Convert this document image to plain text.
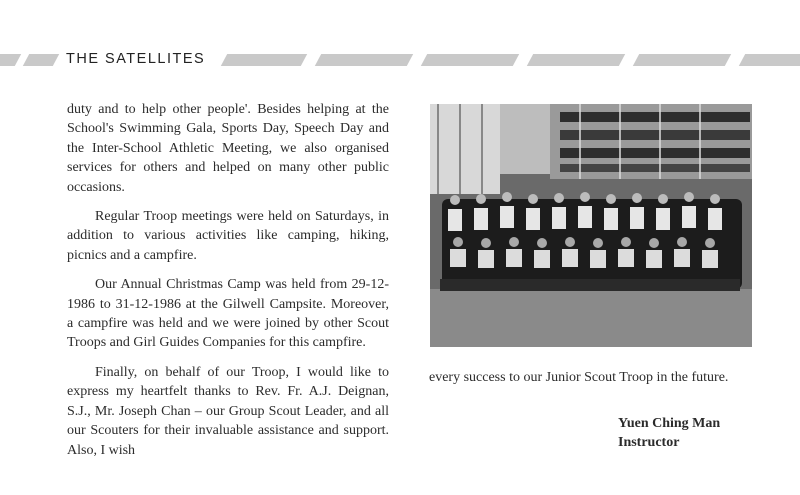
THE SATELLITES

duty and to help other people'. Besides helping at the School's Swimming Gala, Sports Day, Speech Day and the Inter-School Athletic Meeting, we also organised services for others and helped on many other public occasions.

Regular Troop meetings were held on Saturdays, in addition to various activities like camping, hiking, picnics and a campfire.

Our Annual Christmas Camp was held from 29-12-1986 to 31-12-1986 at the Gilwell Campsite. Moreover, a campfire was held and we were joined by other Scout Troops and Girl Guides Companies for this campfire.

Finally, on behalf of our Troop, I would like to express my heartfelt thanks to Rev. Fr. A.J. Deignan, S.J., Mr. Joseph Chan – our Group Scout Leader, and all our Scouters for their invaluable assistance and support. Also, I wish

every success to our Junior Scout Troop in the future.

Yuen Ching Man
Instructor
